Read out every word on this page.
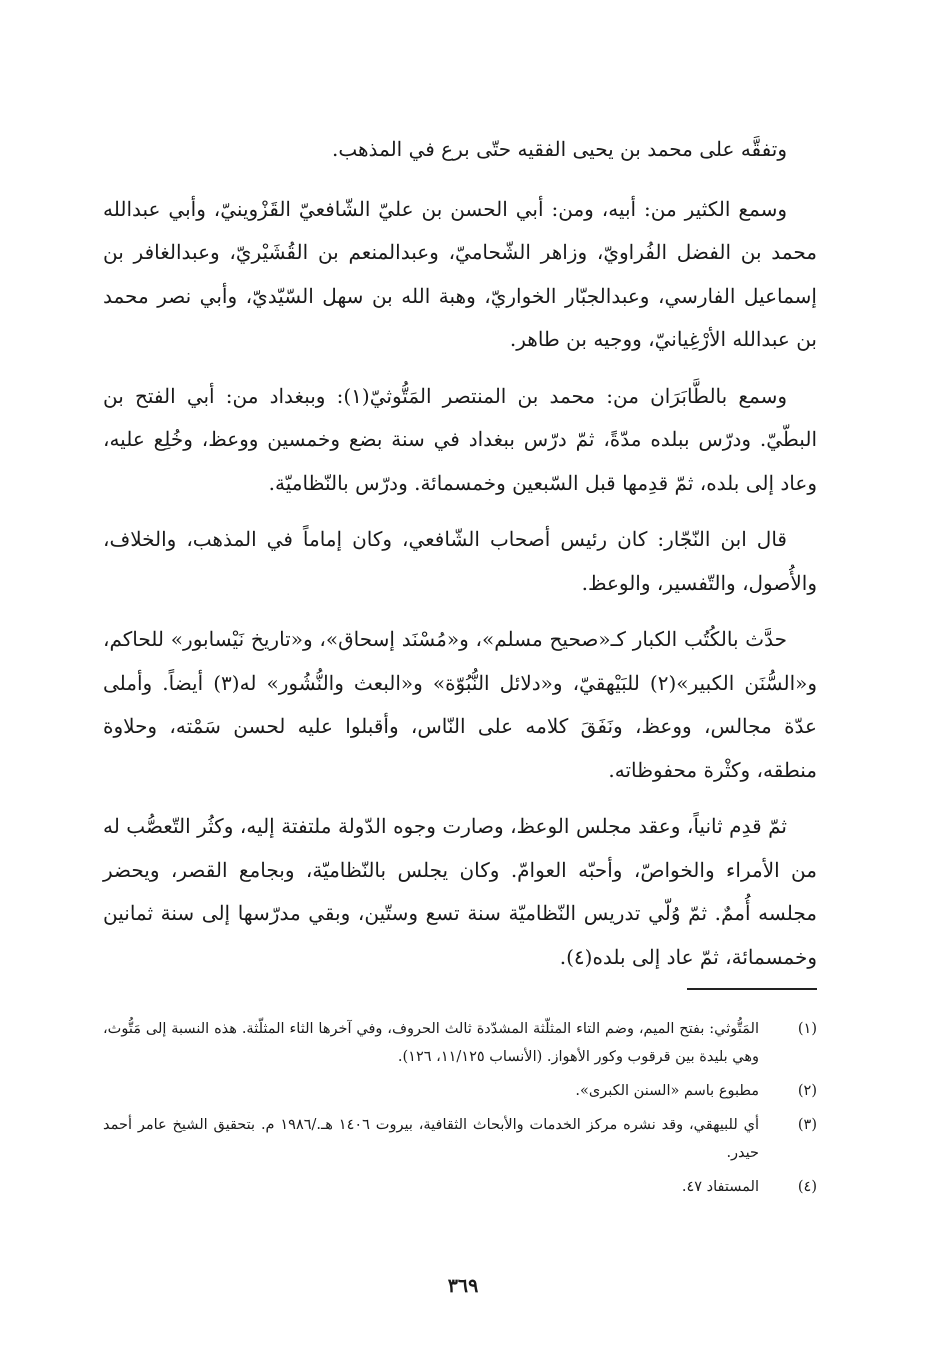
وتفقَّه على محمد بن يحيى الفقيه حتّى برع في المذهب.

وسمع الكثير من: أبيه، ومن: أبي الحسن بن عليّ الشّافعيّ القَزْوينيّ، وأبي عبدالله محمد بن الفضل الفُراويّ، وزاهر الشّحاميّ، وعبدالمنعم بن القُشَيْريّ، وعبدالغافر بن إسماعيل الفارسي، وعبدالجبّار الخواريّ، وهبة الله بن سهل السّيّديّ، وأبي نصر محمد بن عبدالله الأرْغِيانيّ، ووجيه بن طاهر.

وسمع بالطَّابَرَان من: محمد بن المنتصر المَتُّوثيّ(١): وببغداد من: أبي الفتح بن البطّيّ. ودرّس ببلده مدّةً، ثمّ درّس ببغداد في سنة بضع وخمسين ووعظ، وخُلِع عليه، وعاد إلى بلده، ثمّ قدِمها قبل السّبعين وخمسمائة. ودرّس بالنّظاميّة.

قال ابن النّجّار: كان رئيس أصحاب الشّافعي، وكان إماماً في المذهب، والخلاف، والأُصول، والتّفسير، والوعظ.

حدَّث بالكُتُب الكبار كـ«صحيح مسلم»، و«مُسْنَد إسحاق»، و«تاريخ نَيْسابور» للحاكم، و«السُّنَن الكبير»(٢) للبَيْهقيّ، و«دلائل النُّبُوّة» و«البعث والنُّشُور» له(٣) أيضاً. وأملى عدّة مجالس، ووعظ، ونَفَقَ كلامه على النّاس، وأقبلوا عليه لحسن سَمْته، وحلاوة منطقه، وكثْرة محفوظاته.

ثمّ قدِم ثانياً، وعقد مجلس الوعظ، وصارت وجوه الدّولة ملتفتة إليه، وكثُر التّعصُّب له من الأمراء والخواصّ، وأحبّه العوامّ. وكان يجلس بالنّظاميّة، وبجامع القصر، ويحضر مجلسه أُممٌ. ثمّ وُلّي تدريس النّظاميّة سنة تسع وستّين، وبقي مدرّسها إلى سنة ثمانين وخمسمائة، ثمّ عاد إلى بلده(٤).

(١)
المَتُّوثي: بفتح الميم، وضم التاء المثلّثة المشدّدة ثالث الحروف، وفي آخرها الثاء المثلّثة. هذه النسبة إلى مَتُّوث، وهي بليدة بين قرقوب وكور الأهواز. (الأنساب ١١/١٢٥، ١٢٦).
(٢)
مطبوع باسم «السنن الكبرى».
(٣)
أي للبيهقي، وقد نشره مركز الخدمات والأبحاث الثقافية، بيروت ١٤٠٦ هـ./١٩٨٦ م. بتحقيق الشيخ عامر أحمد حيدر.
(٤)
المستفاد ٤٧.
٣٦٩
